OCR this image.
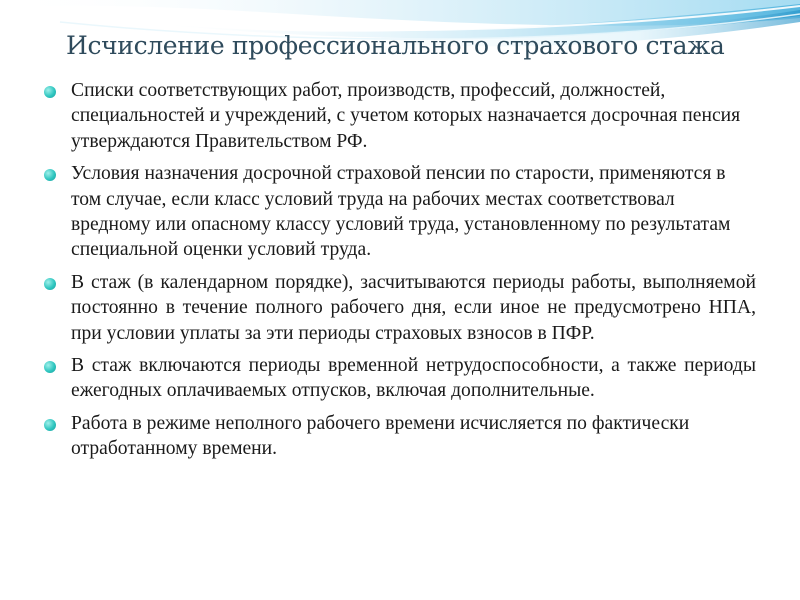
Исчисление профессионального страхового стажа
Списки соответствующих работ, производств, профессий, должностей, специальностей и учреждений, с учетом которых назначается досрочная пенсия утверждаются Правительством РФ.
Условия назначения досрочной страховой пенсии по старости, применяются в том случае, если класс условий труда на рабочих местах соответствовал вредному или опасному классу условий труда, установленному по результатам специальной оценки условий труда.
В стаж (в календарном порядке), засчитываются периоды работы, выполняемой постоянно в течение полного рабочего дня, если иное не предусмотрено НПА, при условии уплаты за эти периоды страховых взносов в ПФР.
В стаж включаются периоды временной нетрудоспособности, а также периоды ежегодных оплачиваемых отпусков, включая дополнительные.
Работа в режиме неполного рабочего времени исчисляется по фактически отработанному времени.
